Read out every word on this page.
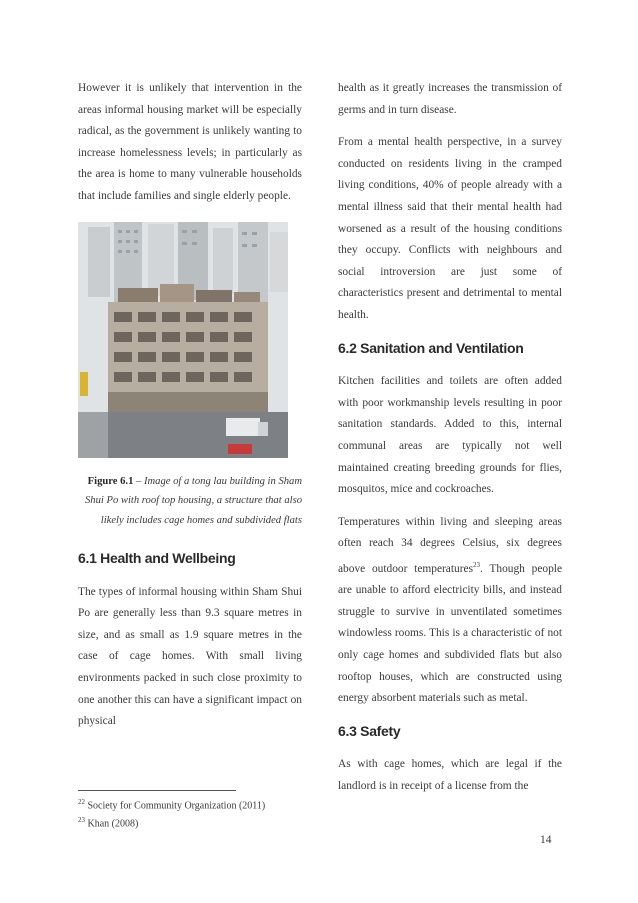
However it is unlikely that intervention in the areas informal housing market will be especially radical, as the government is unlikely wanting to increase homelessness levels; in particularly as the area is home to many vulnerable households that include families and single elderly people.

Figure 6.1 – Image of a tong lau building in Sham Shui Po with roof top housing, a structure that also likely includes cage homes and subdivided flats

6.1 Health and Wellbeing

The types of informal housing within Sham Shui Po are generally less than 9.3 square metres in size, and as small as 1.9 square metres in the case of cage homes. With small living environments packed in such close proximity to one another this can have a significant impact on physical

health as it greatly increases the transmission of germs and in turn disease.

From a mental health perspective, in a survey conducted on residents living in the cramped living conditions, 40% of people already with a mental illness said that their mental health had worsened as a result of the housing conditions they occupy. Conflicts with neighbours and social introversion are just some of characteristics present and detrimental to mental health.

6.2 Sanitation and Ventilation

Kitchen facilities and toilets are often added with poor workmanship levels resulting in poor sanitation standards. Added to this, internal communal areas are typically not well maintained creating breeding grounds for flies, mosquitos, mice and cockroaches.

Temperatures within living and sleeping areas often reach 34 degrees Celsius, six degrees above outdoor temperatures$^{23}$. Though people are unable to afford electricity bills, and instead struggle to survive in unventilated sometimes windowless rooms. This is a characteristic of not only cage homes and subdivided flats but also rooftop houses, which are constructed using energy absorbent materials such as metal.

6.3 Safety

As with cage homes, which are legal if the landlord is in receipt of a license from the

$^{22}$ Society for Community Organization (2011)
$^{23}$ Khan (2008)
14
